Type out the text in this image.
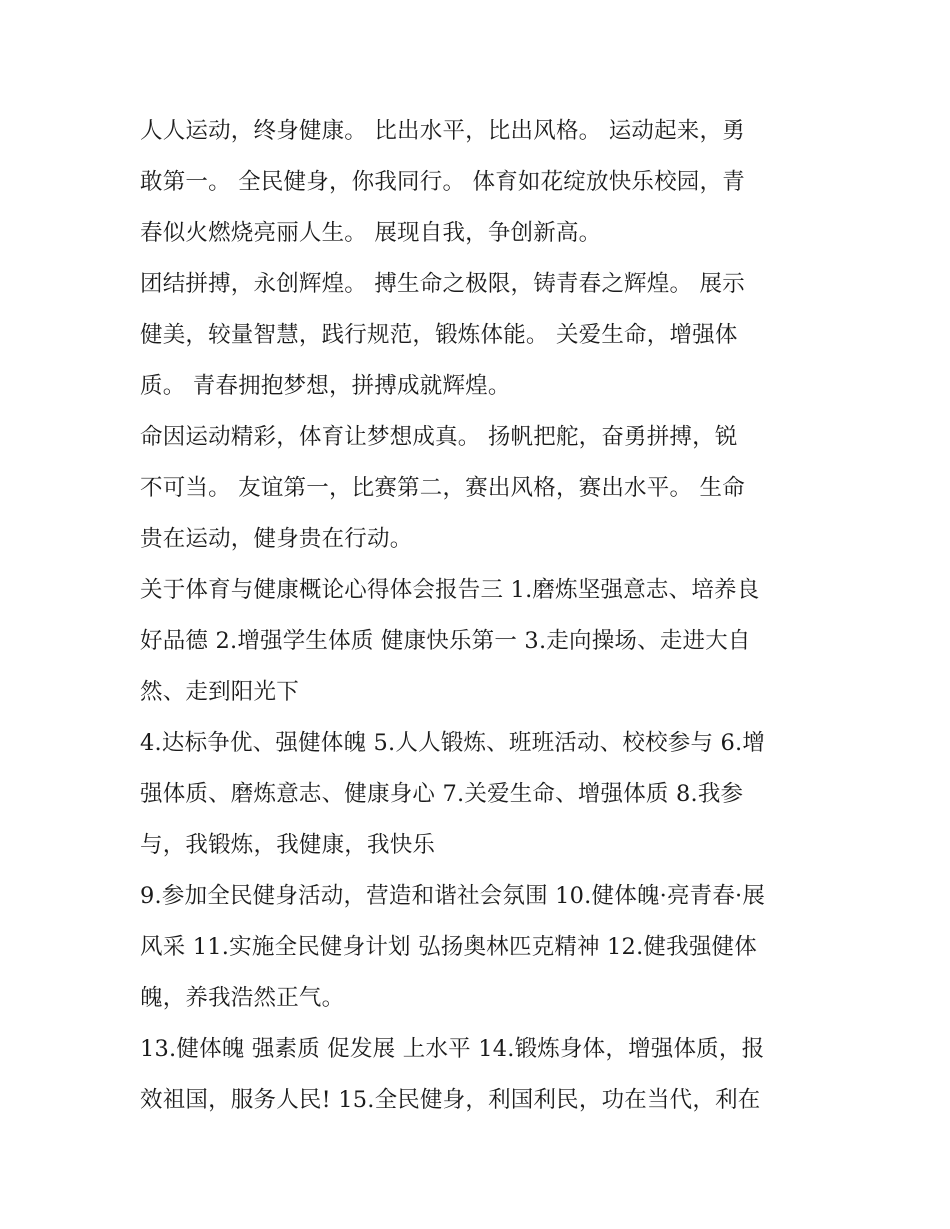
人人运动，终身健康。 比出水平，比出风格。 运动起来，勇
敢第一。 全民健身，你我同行。 体育如花绽放快乐校园，青
春似火燃烧亮丽人生。 展现自我，争创新高。
团结拼搏，永创辉煌。 搏生命之极限，铸青春之辉煌。 展示
健美，较量智慧，践行规范，锻炼体能。 关爱生命，增强体
质。 青春拥抱梦想，拼搏成就辉煌。
命因运动精彩，体育让梦想成真。 扬帆把舵，奋勇拼搏，锐
不可当。 友谊第一，比赛第二，赛出风格，赛出水平。 生命
贵在运动，健身贵在行动。
关于体育与健康概论心得体会报告三 1.磨炼坚强意志、培养良
好品德 2.增强学生体质 健康快乐第一 3.走向操场、走进大自
然、走到阳光下
4.达标争优、强健体魄 5.人人锻炼、班班活动、校校参与 6.增
强体质、磨炼意志、健康身心 7.关爱生命、增强体质 8.我参
与，我锻炼，我健康，我快乐
9.参加全民健身活动，营造和谐社会氛围 10.健体魄·亮青春·展
风采 11.实施全民健身计划 弘扬奥林匹克精神 12.健我强健体
魄，养我浩然正气。
13.健体魄 强素质 促发展 上水平 14.锻炼身体，增强体质，报
效祖国，服务人民! 15.全民健身，利国利民，功在当代，利在
